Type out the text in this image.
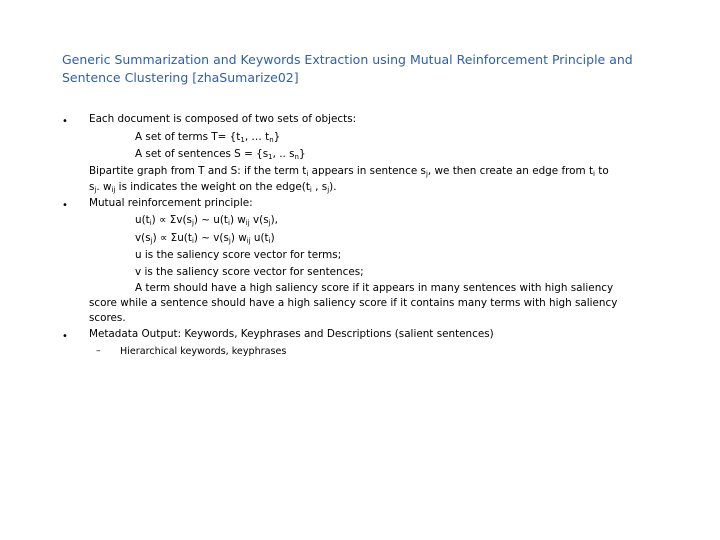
Generic Summarization and Keywords Extraction using Mutual Reinforcement Principle and
Sentence Clustering [zhaSumarize02]
• Each document is composed of two sets of objects:
A set of terms $T= \{t_1$, … $t_n$}
A set of sentences $S = \{s_1$, .. $s_n$}
Bipartite graph from T and S: if the term $t_i$ appears in sentence $s_j$, we then create an edge from $t_i$ to
$s_j$. $w_{ij}$ is indicates the weight on the $edge(t_i$ , $s_j$).
• Mutual reinforcement principle:
$u(t_i) \propto \Sigma v(s_j)$ ~ $u(t_i)$ $w_{ij}$ $v(s_j)$,
$v(s_j) \propto \Sigma u(t_i)$ ~ $v(s_j)$ $w_{ij}$ $u(t_i)$
u is the saliency score vector for terms;
v is the saliency score vector for sentences;
A term should have a high saliency score if it appears in many sentences with high saliency
score while a sentence should have a high saliency score if it contains many terms with high saliency
scores.
• Metadata Output: Keywords, Keyphrases and Descriptions (salient sentences)
– Hierarchical keywords, keyphrases
